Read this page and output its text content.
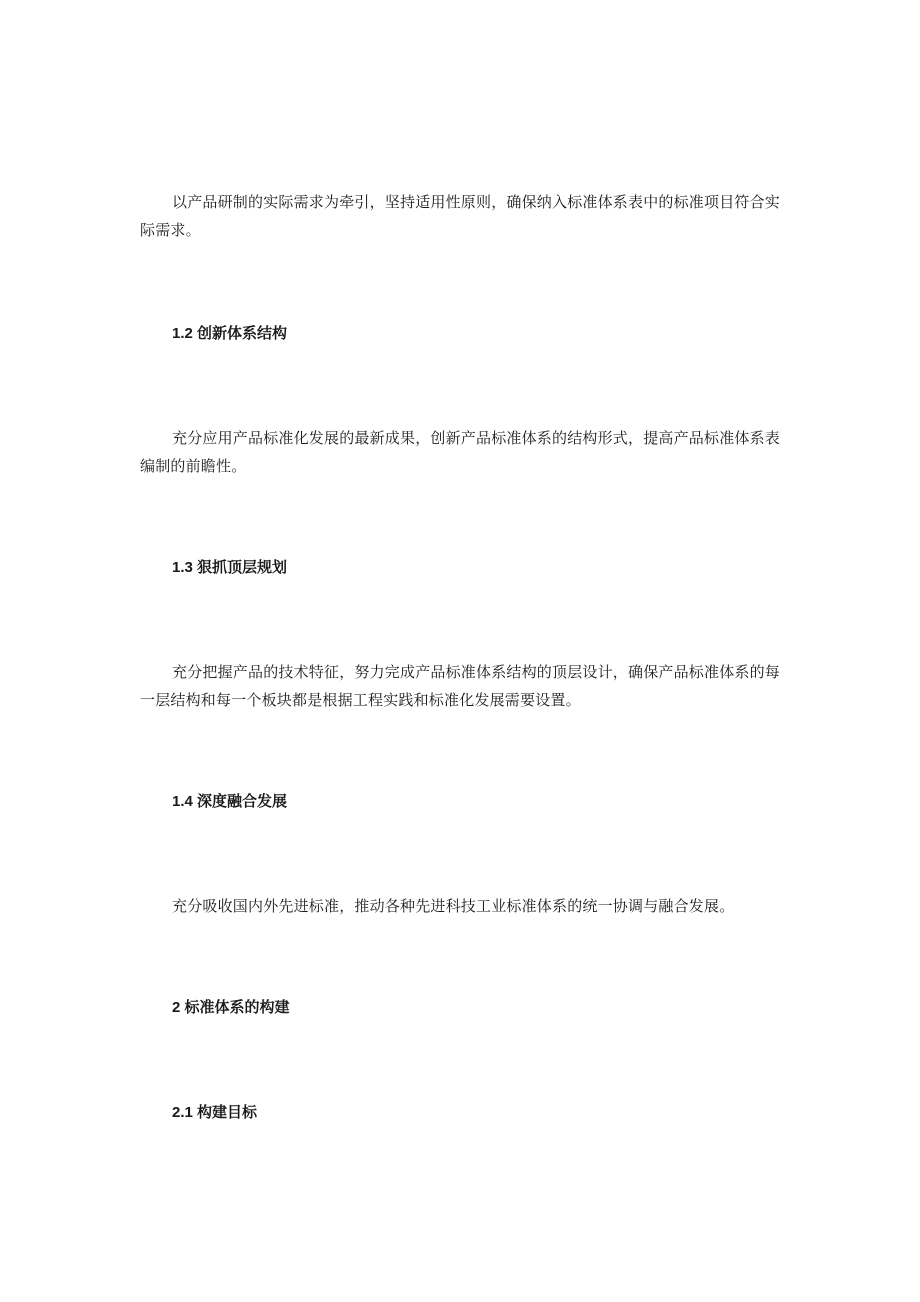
以产品研制的实际需求为牵引，坚持适用性原则，确保纳入标准体系表中的标准项目符合实际需求。

1.2 创新体系结构

充分应用产品标准化发展的最新成果，创新产品标准体系的结构形式，提高产品标准体系表编制的前瞻性。

1.3 狠抓顶层规划

充分把握产品的技术特征，努力完成产品标准体系结构的顶层设计，确保产品标准体系的每一层结构和每一个板块都是根据工程实践和标准化发展需要设置。

1.4 深度融合发展

充分吸收国内外先进标准，推动各种先进科技工业标准体系的统一协调与融合发展。

2 标准体系的构建
2.1 构建目标
